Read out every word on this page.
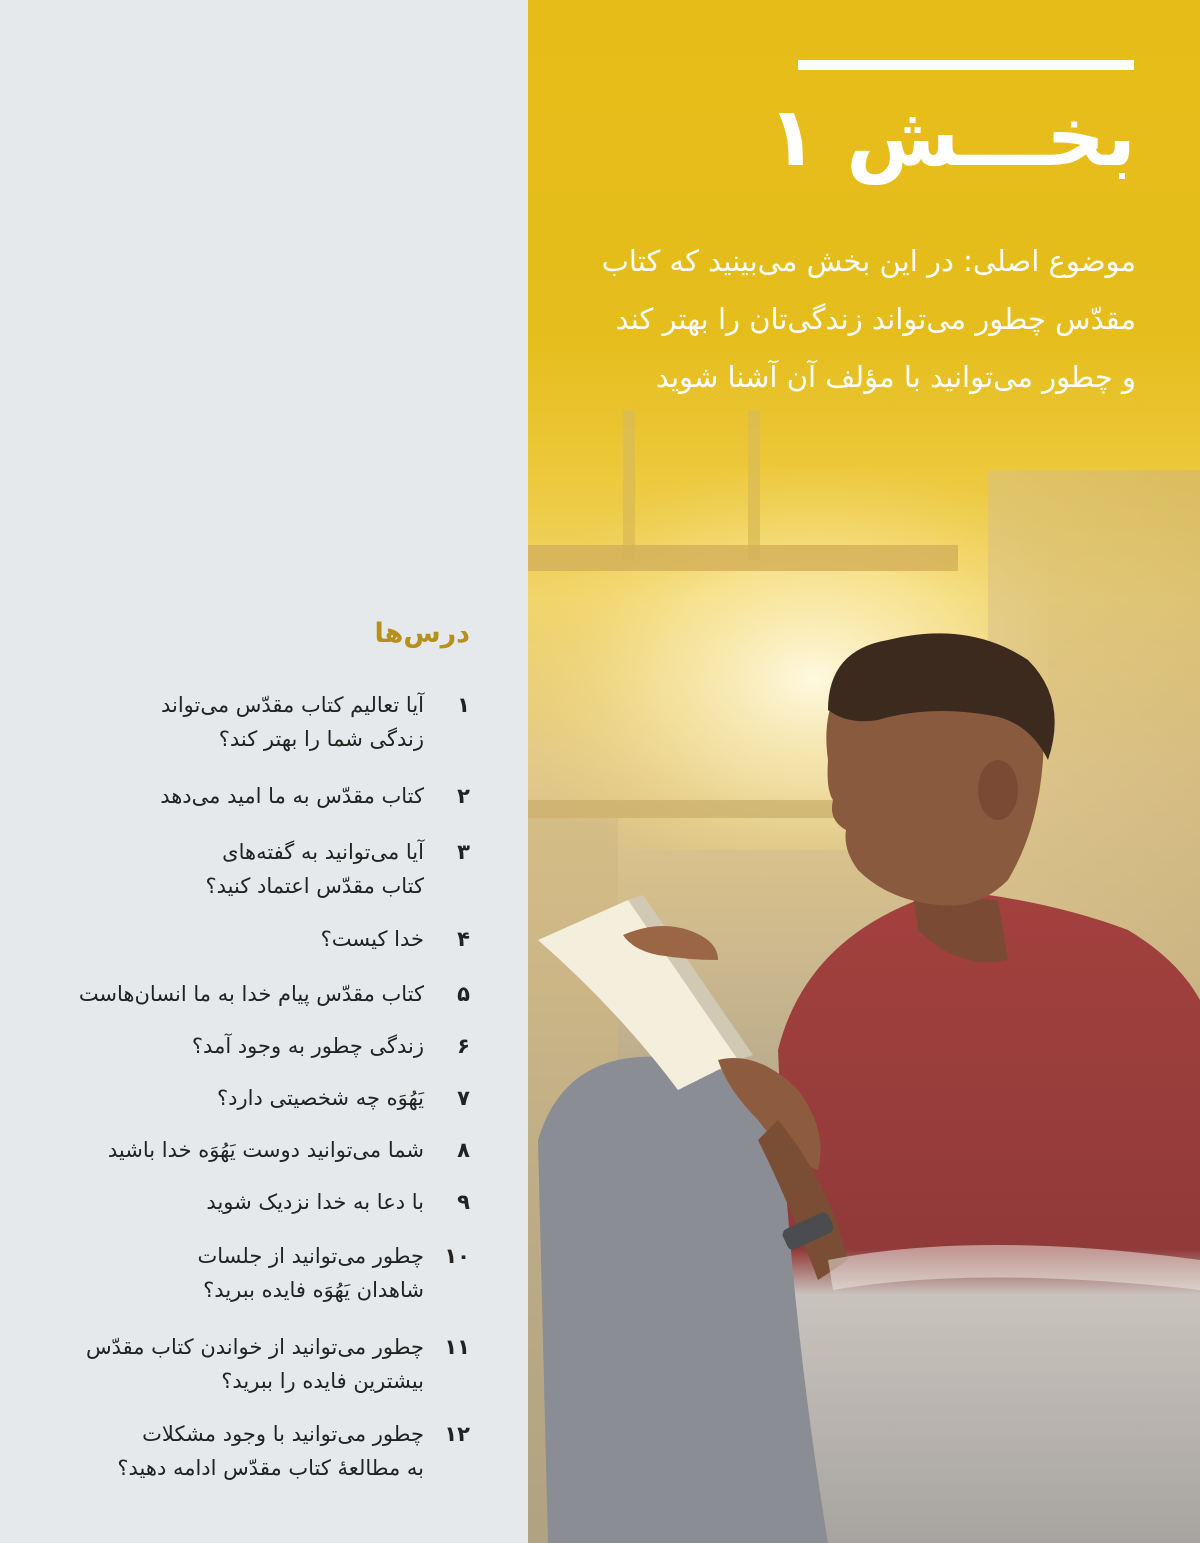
درس‌ها
۱
آیا تعالیم کتاب مقدّس می‌تواند
زندگی شما را بهتر کند؟
۲
کتاب مقدّس به ما امید می‌دهد
۳
آیا می‌توانید به گفته‌های
کتاب مقدّس اعتماد کنید؟
۴
خدا کیست؟
۵
کتاب مقدّس پیام خدا به ما انسان‌هاست
۶
زندگی چطور به وجود آمد؟
۷
یَهُوَه چه شخصیتی دارد؟
۸
شما می‌توانید دوست یَهُوَه خدا باشید
۹
با دعا به خدا نزدیک شوید
۱۰
چطور می‌توانید از جلسات
شاهدان یَهُوَه فایده ببرید؟
۱۱
چطور می‌توانید از خواندن کتاب مقدّس
بیشترین فایده را ببرید؟
۱۲
چطور می‌توانید با وجود مشکلات
به مطالعهٔ کتاب مقدّس ادامه دهید؟
بخـــش ۱

موضوع اصلی: در این بخش می‌بینید که کتاب مقدّس چطور می‌تواند زندگی‌تان را بهتر کند و چطور می‌توانید با مؤلف آن آشنا شوید
